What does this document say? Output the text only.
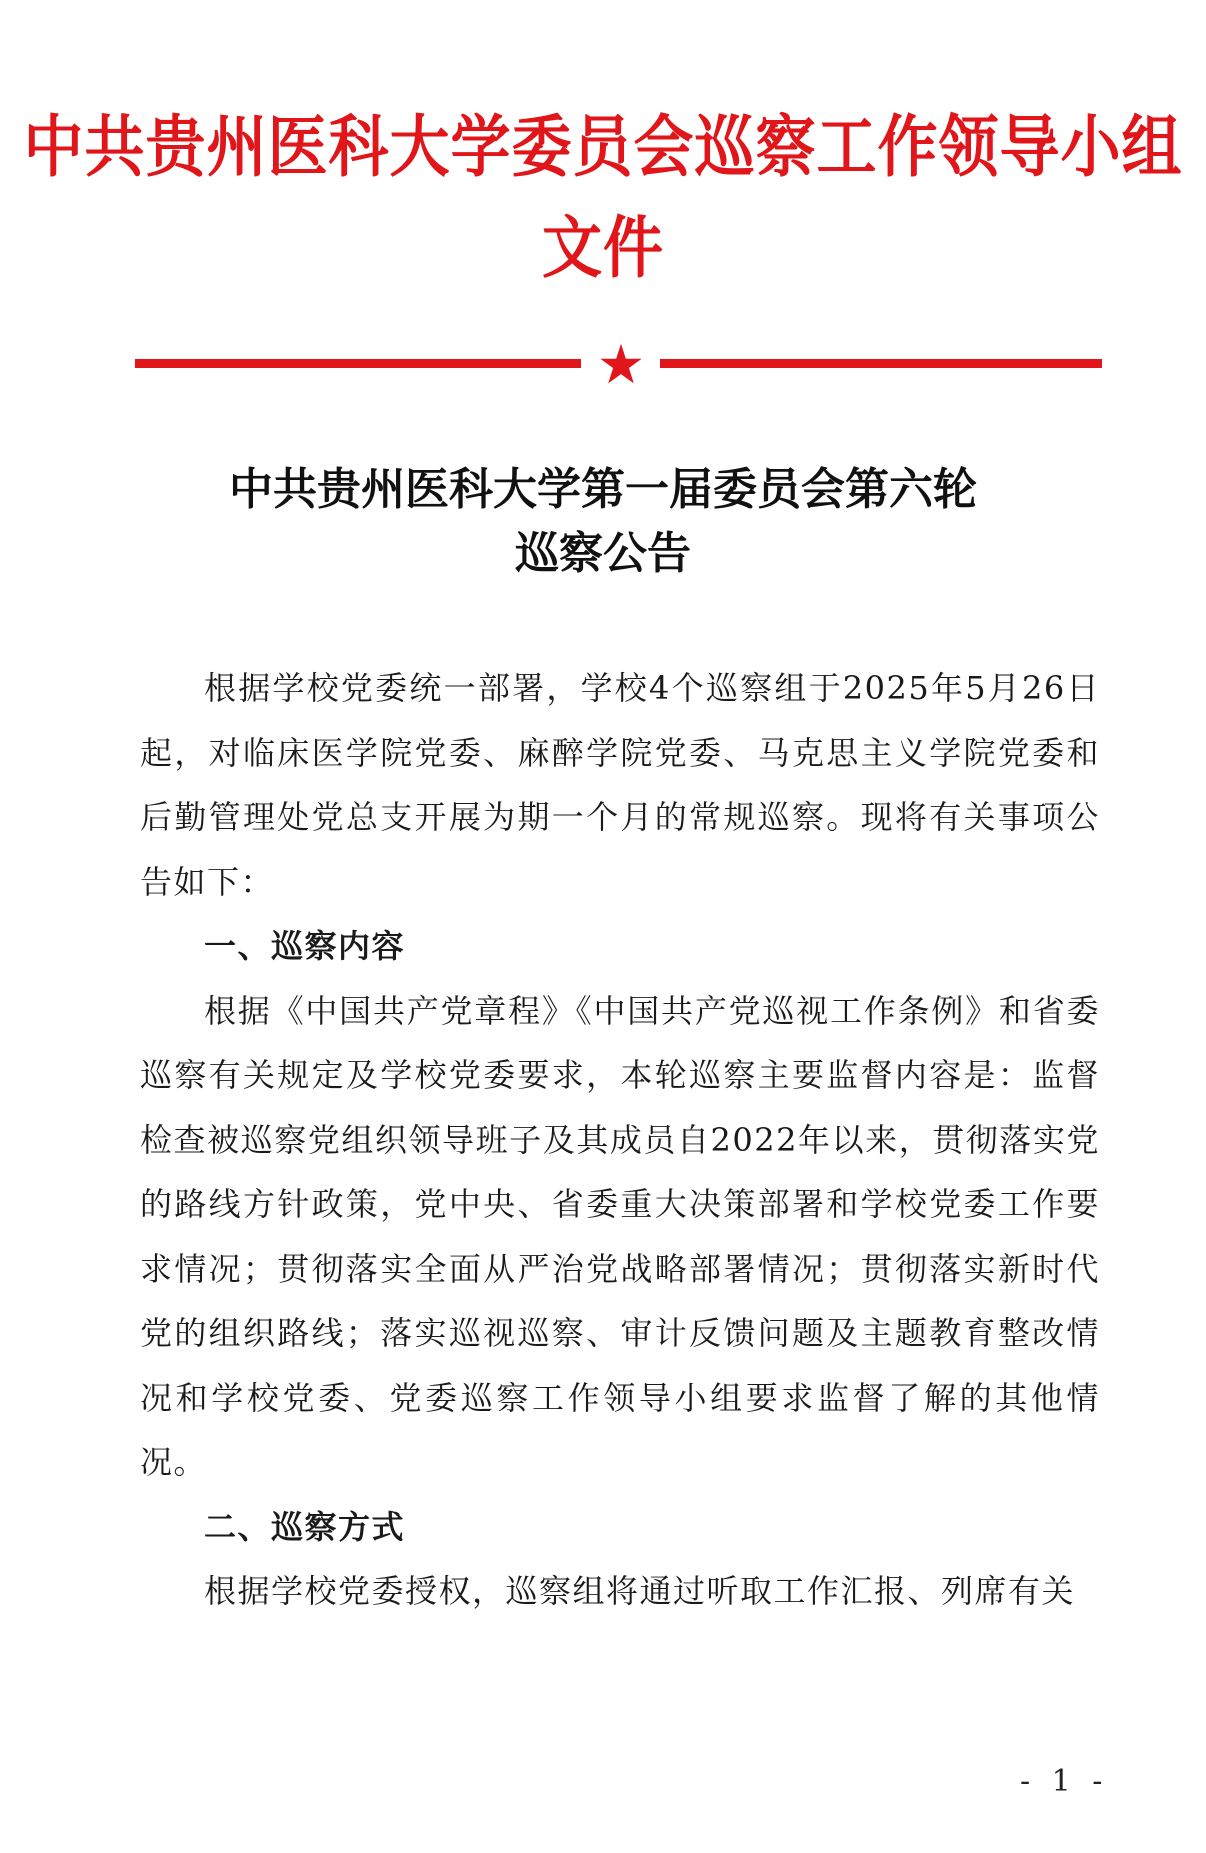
中共贵州医科大学委员会巡察工作领导小组文件
中共贵州医科大学第一届委员会第六轮
巡察公告

根据学校党委统一部署，学校4个巡察组于2025年5月26日起，对临床医学院党委、麻醉学院党委、马克思主义学院党委和后勤管理处党总支开展为期一个月的常规巡察。现将有关事项公告如下：

一、巡察内容

根据《中国共产党章程》《中国共产党巡视工作条例》和省委巡察有关规定及学校党委要求，本轮巡察主要监督内容是：监督检查被巡察党组织领导班子及其成员自2022年以来，贯彻落实党的路线方针政策，党中央、省委重大决策部署和学校党委工作要求情况；贯彻落实全面从严治党战略部署情况；贯彻落实新时代党的组织路线；落实巡视巡察、审计反馈问题及主题教育整改情况和学校党委、党委巡察工作领导小组要求监督了解的其他情况。

二、巡察方式

根据学校党委授权，巡察组将通过听取工作汇报、列席有关

- 1 -
